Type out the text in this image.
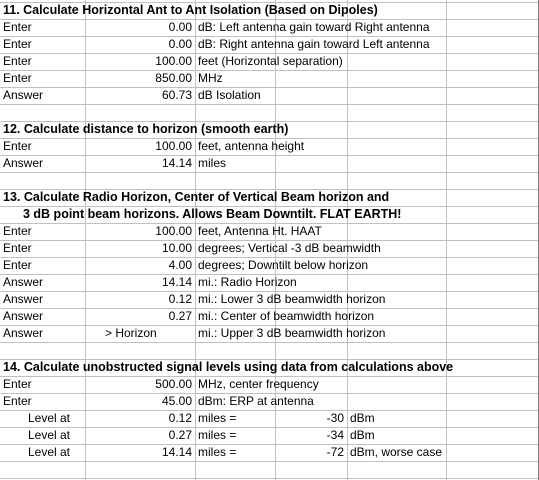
11. Calculate Horizontal Ant to Ant Isolation (Based on Dipoles)
Enter	0.00 dB: Left antenna gain toward Right antenna
Enter	0.00 dB: Right antenna gain toward Left antenna
Enter	100.00 feet (Horizontal separation)
Enter	850.00 MHz
Answer	60.73 dB Isolation
12. Calculate distance to horizon (smooth earth)
Enter	100.00 feet, antenna height
Answer	14.14 miles
13. Calculate Radio Horizon, Center of Vertical Beam horizon and
3 dB point beam horizons. Allows Beam Downtilt. FLAT EARTH!
Enter	100.00 feet, Antenna Ht. HAAT
Enter	10.00 degrees; Vertical -3 dB beamwidth
Enter	4.00 degrees; Downtilt below horizon
Answer	14.14 mi.: Radio Horizon
Answer	0.12 mi.: Lower 3 dB beamwidth horizon
Answer	0.27 mi.: Center of beamwidth horizon
Answer	> Horizon	mi.: Upper 3 dB beamwidth horizon
14. Calculate unobstructed signal levels using data from calculations above
Enter	500.00 MHz, center frequency
Enter	45.00 dBm: ERP at antenna
Level at	0.12 miles =	-30 dBm
Level at	0.27 miles =	-34 dBm
Level at	14.14 miles =	-72 dBm, worse case
